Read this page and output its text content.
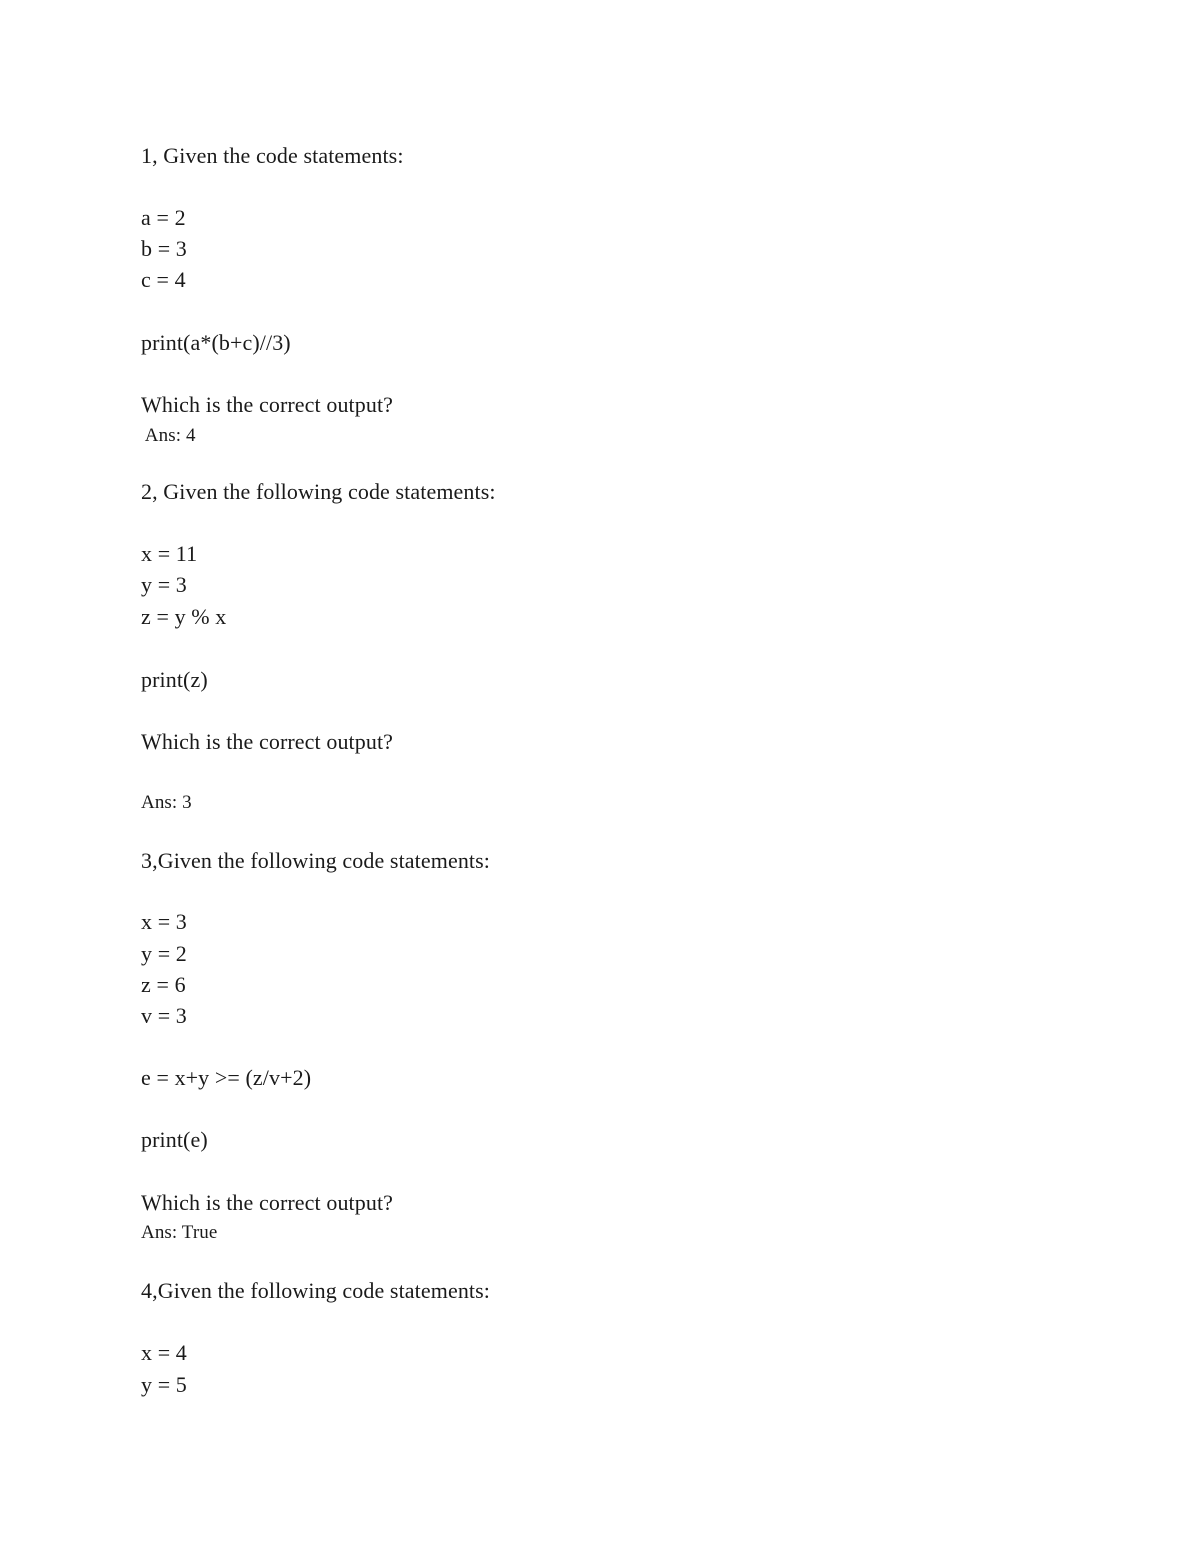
1, Given the code statements:
a = 2
b = 3
c = 4
print(a*(b+c)//3)
Which is the correct output?
Ans: 4
2, Given the following code statements:
x = 11
y = 3
z = y % x
print(z)
Which is the correct output?
Ans: 3
3,Given the following code statements:
x = 3
y = 2
z = 6
v = 3
e = x+y >= (z/v+2)
print(e)
Which is the correct output?
Ans: True
4,Given the following code statements:
x = 4
y = 5
